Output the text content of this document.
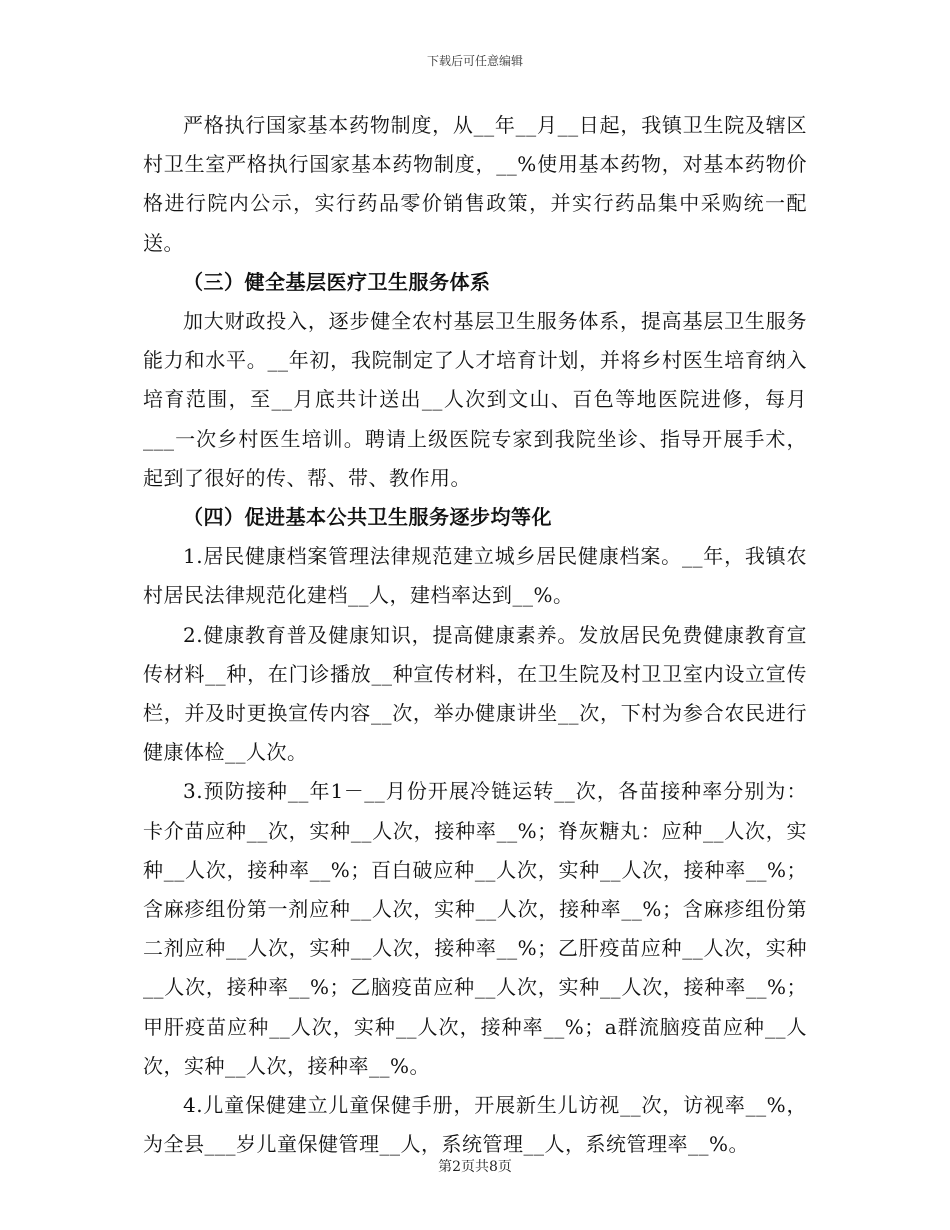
下载后可任意编辑

严格执行国家基本药物制度，从__年__月__日起，我镇卫生院及辖区村卫生室严格执行国家基本药物制度，__%使用基本药物，对基本药物价格进行院内公示，实行药品零价销售政策，并实行药品集中采购统一配送。

（三）健全基层医疗卫生服务体系

加大财政投入，逐步健全农村基层卫生服务体系，提高基层卫生服务能力和水平。__年初，我院制定了人才培育计划，并将乡村医生培育纳入培育范围，至__月底共计送出__人次到文山、百色等地医院进修，每月___一次乡村医生培训。聘请上级医院专家到我院坐诊、指导开展手术，起到了很好的传、帮、带、教作用。

（四）促进基本公共卫生服务逐步均等化

1.居民健康档案管理法律规范建立城乡居民健康档案。__年，我镇农村居民法律规范化建档__人，建档率达到__%。

2.健康教育普及健康知识，提高健康素养。发放居民免费健康教育宣传材料__种，在门诊播放__种宣传材料，在卫生院及村卫卫室内设立宣传栏，并及时更换宣传内容__次，举办健康讲坐__次，下村为参合农民进行健康体检__人次。

3.预防接种__年1－__月份开展冷链运转__次，各苗接种率分别为：卡介苗应种__次，实种__人次，接种率__%；脊灰糖丸：应种__人次，实种__人次，接种率__%；百白破应种__人次，实种__人次，接种率__%；含麻疹组份第一剂应种__人次，实种__人次，接种率__%；含麻疹组份第二剂应种__人次，实种__人次，接种率__%；乙肝疫苗应种__人次，实种__人次，接种率__%；乙脑疫苗应种__人次，实种__人次，接种率__%；甲肝疫苗应种__人次，实种__人次，接种率__%；a群流脑疫苗应种__人次，实种__人次，接种率__%。

4.儿童保健建立儿童保健手册，开展新生儿访视__次，访视率__%，为全县___岁儿童保健管理__人，系统管理__人，系统管理率__%。

第2页共8页
